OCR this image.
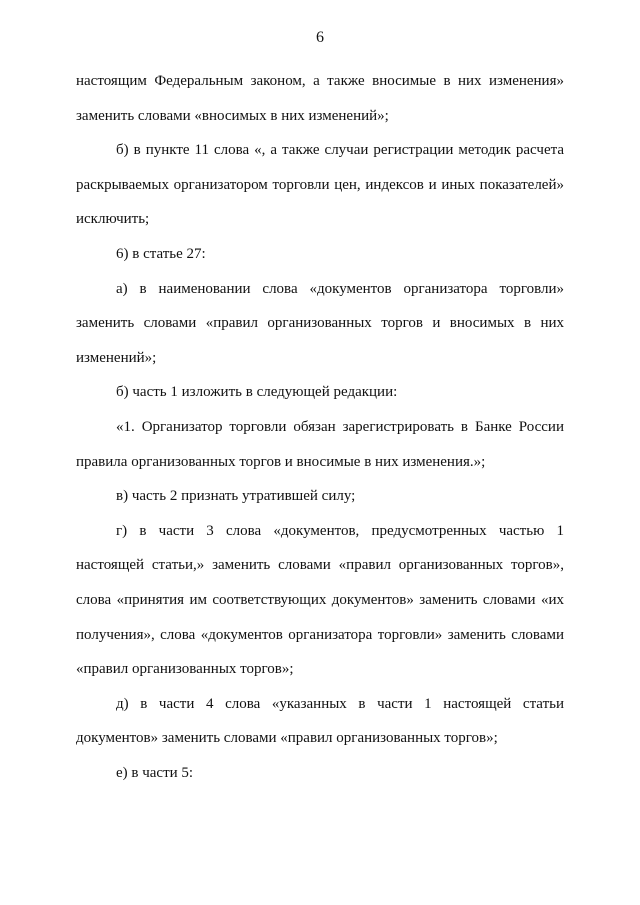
6

настоящим Федеральным законом, а также вносимые в них изменения» заменить словами «вносимых в них изменений»;

б) в пункте 11 слова «, а также случаи регистрации методик расчета раскрываемых организатором торговли цен, индексов и иных показателей» исключить;

6) в статье 27:

а) в наименовании слова «документов организатора торговли» заменить словами «правил организованных торгов и вносимых в них изменений»;

б) часть 1 изложить в следующей редакции:

«1. Организатор торговли обязан зарегистрировать в Банке России правила организованных торгов и вносимые в них изменения.»;

в) часть 2 признать утратившей силу;

г) в части 3 слова «документов, предусмотренных частью 1 настоящей статьи,» заменить словами «правил организованных торгов», слова «принятия им соответствующих документов» заменить словами «их получения», слова «документов организатора торговли» заменить словами «правил организованных торгов»;

д) в части 4 слова «указанных в части 1 настоящей статьи документов» заменить словами «правил организованных торгов»;

е) в части 5:
